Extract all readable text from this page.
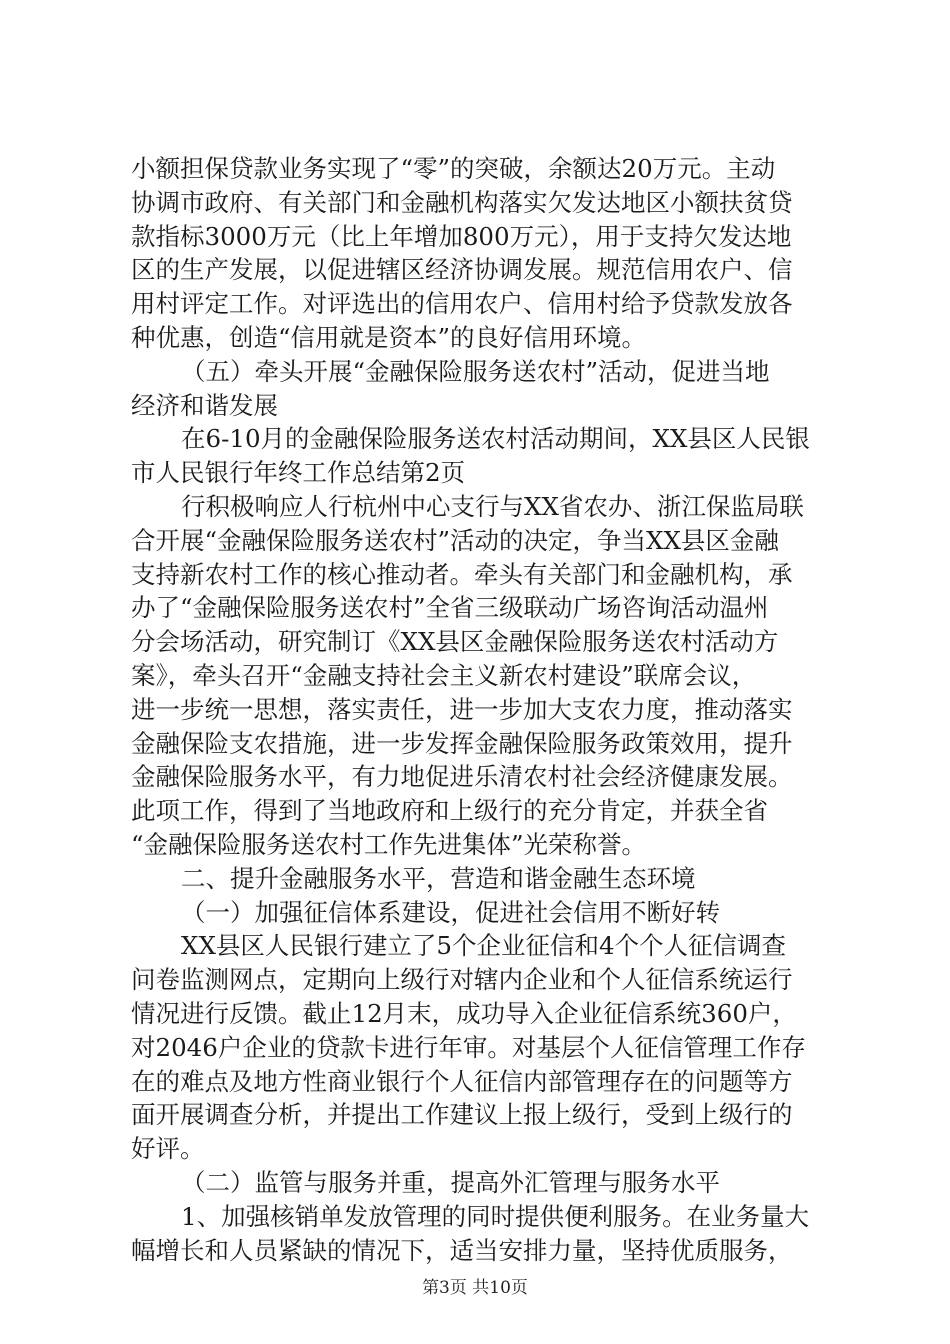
小额担保贷款业务实现了“零”的突破，余额达20万元。主动
协调市政府、有关部门和金融机构落实欠发达地区小额扶贫贷
款指标3000万元（比上年增加800万元），用于支持欠发达地
区的生产发展，以促进辖区经济协调发展。规范信用农户、信
用村评定工作。对评选出的信用农户、信用村给予贷款发放各
种优惠，创造“信用就是资本”的良好信用环境。
（五）牵头开展“金融保险服务送农村”活动，促进当地
经济和谐发展
在6-10月的金融保险服务送农村活动期间，XX县区人民银
市人民银行年终工作总结第2页
行积极响应人行杭州中心支行与XX省农办、浙江保监局联
合开展“金融保险服务送农村”活动的决定，争当XX县区金融
支持新农村工作的核心推动者。牵头有关部门和金融机构，承
办了“金融保险服务送农村”全省三级联动广场咨询活动温州
分会场活动，研究制订《XX县区金融保险服务送农村活动方
案》，牵头召开“金融支持社会主义新农村建设”联席会议，
进一步统一思想，落实责任，进一步加大支农力度，推动落实
金融保险支农措施，进一步发挥金融保险服务政策效用，提升
金融保险服务水平，有力地促进乐清农村社会经济健康发展。
此项工作，得到了当地政府和上级行的充分肯定，并获全省
“金融保险服务送农村工作先进集体”光荣称誉。
二、提升金融服务水平，营造和谐金融生态环境
（一）加强征信体系建设，促进社会信用不断好转
XX县区人民银行建立了5个企业征信和4个个人征信调查
问卷监测网点，定期向上级行对辖内企业和个人征信系统运行
情况进行反馈。截止12月末，成功导入企业征信系统360户，
对2046户企业的贷款卡进行年审。对基层个人征信管理工作存
在的难点及地方性商业银行个人征信内部管理存在的问题等方
面开展调查分析，并提出工作建议上报上级行，受到上级行的
好评。
（二）监管与服务并重，提高外汇管理与服务水平
1、加强核销单发放管理的同时提供便利服务。在业务量大
幅增长和人员紧缺的情况下，适当安排力量，坚持优质服务，
第3页 共10页
